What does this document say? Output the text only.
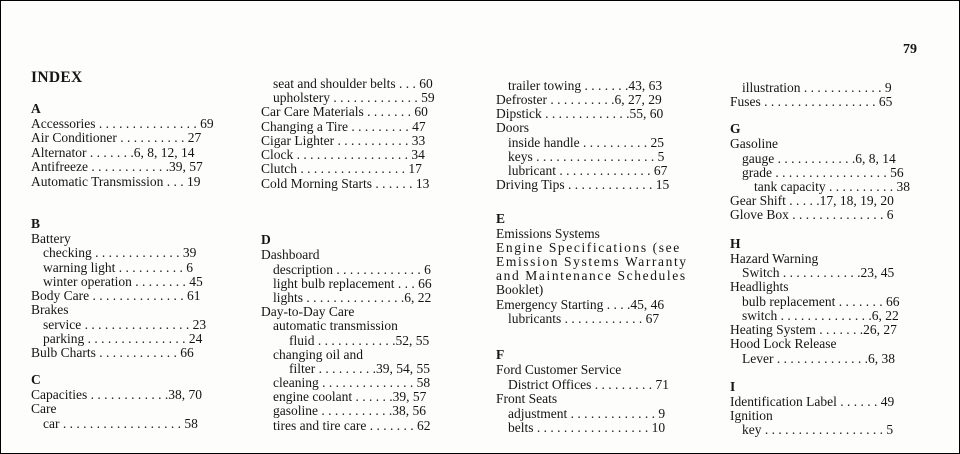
79
INDEX
A
Accessories . . . . . . . . . . . . . . . 69
Air Conditioner . . . . . . . . . . 27
Alternator . . . . . . .6, 8, 12, 14
Antifreeze . . . . . . . . . . . .39, 57
Automatic Transmission . . . 19
B
Battery
checking . . . . . . . . . . . . . 39
warning light . . . . . . . . . . 6
winter operation . . . . . . . . 45
Body Care . . . . . . . . . . . . . . 61
Brakes
service . . . . . . . . . . . . . . . . 23
parking . . . . . . . . . . . . . . . 24
Bulb Charts . . . . . . . . . . . . 66
C
Capacities . . . . . . . . . . . .38, 70
Care
car . . . . . . . . . . . . . . . . . . 58
seat and shoulder belts . . . 60
upholstery . . . . . . . . . . . . . 59
Car Care Materials . . . . . . . 60
Changing a Tire . . . . . . . . . 47
Cigar Lighter . . . . . . . . . . . 33
Clock . . . . . . . . . . . . . . . . . 34
Clutch . . . . . . . . . . . . . . . . 17
Cold Morning Starts . . . . . . 13
D
Dashboard
description . . . . . . . . . . . . . 6
light bulb replacement . . . 66
lights . . . . . . . . . . . . . . .6, 22
Day-to-Day Care
automatic transmission
fluid . . . . . . . . . . . .52, 55
changing oil and
filter . . . . . . . . .39, 54, 55
cleaning . . . . . . . . . . . . . . 58
engine coolant . . . . . .39, 57
gasoline . . . . . . . . . . .38, 56
tires and tire care . . . . . . . 62
trailer towing . . . . . . .43, 63
Defroster . . . . . . . . . .6, 27, 29
Dipstick . . . . . . . . . . . . .55, 60
Doors
inside handle . . . . . . . . . . 25
keys . . . . . . . . . . . . . . . . . . 5
lubricant . . . . . . . . . . . . . . 67
Driving Tips . . . . . . . . . . . . . 15
E
Emissions Systems
Engine Specifications (see
Emission Systems Warranty
and Maintenance Schedules
Booklet)
Emergency Starting . . . .45, 46
lubricants . . . . . . . . . . . . 67
F
Ford Customer Service
District Offices . . . . . . . . . 71
Front Seats
adjustment . . . . . . . . . . . . . 9
belts . . . . . . . . . . . . . . . . . 10
illustration . . . . . . . . . . . . 9
Fuses . . . . . . . . . . . . . . . . . 65
G
Gasoline
gauge . . . . . . . . . . . .6, 8, 14
grade . . . . . . . . . . . . . . . . . 56
tank capacity . . . . . . . . . . 38
Gear Shift . . . . .17, 18, 19, 20
Glove Box . . . . . . . . . . . . . . 6
H
Hazard Warning
Switch . . . . . . . . . . . .23, 45
Headlights
bulb replacement . . . . . . . 66
switch . . . . . . . . . . . . . .6, 22
Heating System . . . . . . .26, 27
Hood Lock Release
Lever . . . . . . . . . . . . . .6, 38
I
Identification Label . . . . . . 49
Ignition
key . . . . . . . . . . . . . . . . . . 5
